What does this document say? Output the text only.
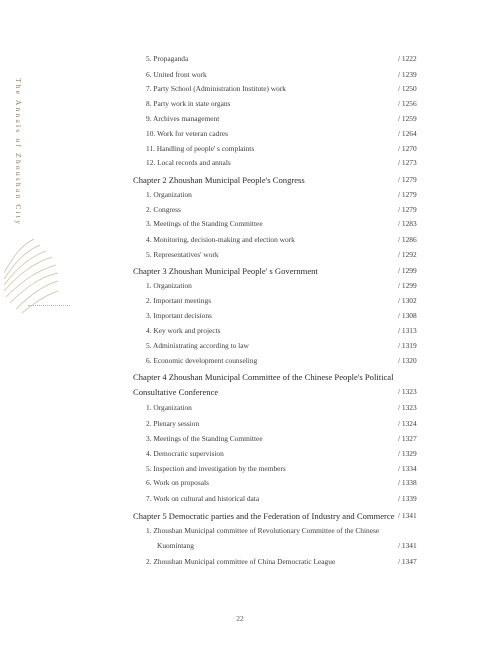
The Annals of Zhoushan City
5. Propaganda	/ 1222
6. United front work	/ 1239
7. Party School (Administration Institute) work	/ 1250
8. Party work in state organs	/ 1256
9. Archives management	/ 1259
10. Work for veteran cadres	/ 1264
11. Handling of people' s complaints	/ 1270
12. Local records and annals	/ 1273
Chapter 2 Zhoushan Municipal People's Congress	/ 1279
1. Organization	/ 1279
2. Congress	/ 1279
3. Meetings of the Standing Committee	/ 1283
4. Monitoring, decision-making and election work	/ 1286
5. Representatives' work	/ 1292
Chapter 3 Zhoushan Municipal People' s Government	/ 1299
1. Organization	/ 1299
2. Important meetings	/ 1302
3. Important decisions	/ 1308
4. Key work and projects	/ 1313
5. Administrating according to law	/ 1319
6. Economic development counseling	/ 1320
Chapter 4 Zhoushan Municipal Committee of the Chinese People's Political
Consultative Conference	/ 1323
1. Organization	/ 1323
2. Plenary session	/ 1324
3. Meetings of the Standing Committee	/ 1327
4. Democratic supervision	/ 1329
5. Inspection and investigation by the members	/ 1334
6. Work on proposals	/ 1338
7. Work on cultural and historical data	/ 1339
Chapter 5 Democratic parties and the Federation of Industry and Commerce / 1341
1. Zhoushan Municipal committee of Revolutionary Committee of the Chinese
Kuomintang	/ 1341
2. Zhoushan Municipal committee of China Democratic League	/ 1347
22
